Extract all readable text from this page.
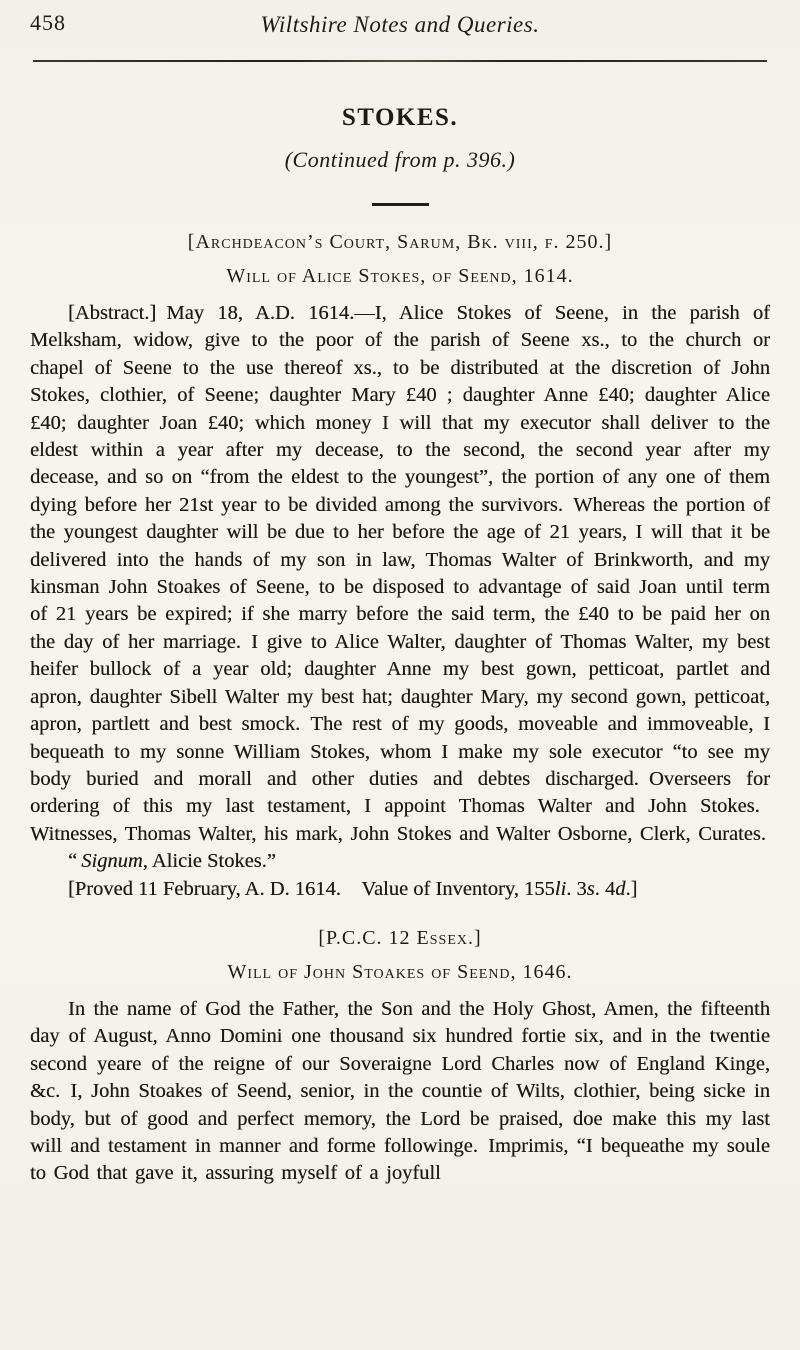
458	Wiltshire Notes and Queries.
STOKES.
(Continued from p. 396.)
[Archdeacon’s Court, Sarum, Bk. viii, f. 250.]
Will of Alice Stokes, of Seend, 1614.

[Abstract.] May 18, A.D. 1614.—I, Alice Stokes of Seene, in the parish of Melksham, widow, give to the poor of the parish of Seene xs., to the church or chapel of Seene to the use thereof xs., to be distributed at the discretion of John Stokes, clothier, of Seene; daughter Mary £40 ; daughter Anne £40; daughter Alice £40; daughter Joan £40; which money I will that my executor shall deliver to the eldest within a year after my decease, to the second, the second year after my decease, and so on “from the eldest to the youngest”, the portion of any one of them dying before her 21st year to be divided among the survivors. Whereas the portion of the youngest daughter will be due to her before the age of 21 years, I will that it be delivered into the hands of my son in law, Thomas Walter of Brinkworth, and my kinsman John Stoakes of Seene, to be disposed to advantage of said Joan until term of 21 years be expired; if she marry before the said term, the £40 to be paid her on the day of her marriage. I give to Alice Walter, daughter of Thomas Walter, my best heifer bullock of a year old; daughter Anne my best gown, petticoat, partlet and apron, daughter Sibell Walter my best hat; daughter Mary, my second gown, petticoat, apron, partlett and best smock. The rest of my goods, moveable and immoveable, I bequeath to my sonne William Stokes, whom I make my sole executor “to see my body buried and morall and other duties and debtes discharged. Overseers for ordering of this my last testament, I appoint Thomas Walter and John Stokes. Witnesses, Thomas Walter, his mark, John Stokes and Walter Osborne, Clerk, Curates.

“ Signum, Alicie Stokes.”

[Proved 11 February, A. D. 1614. Value of Inventory, 155li. 3s. 4d.]

[P.C.C. 12 Essex.]
Will of John Stoakes of Seend, 1646.

In the name of God the Father, the Son and the Holy Ghost, Amen, the fifteenth day of August, Anno Domini one thousand six hundred fortie six, and in the twentie second yeare of the reigne of our Soveraigne Lord Charles now of England Kinge, &c. I, John Stoakes of Seend, senior, in the countie of Wilts, clothier, being sicke in body, but of good and perfect memory, the Lord be praised, doe make this my last will and testament in manner and forme followinge. Imprimis, “I bequeathe my soule to God that gave it, assuring myself of a joyfull
